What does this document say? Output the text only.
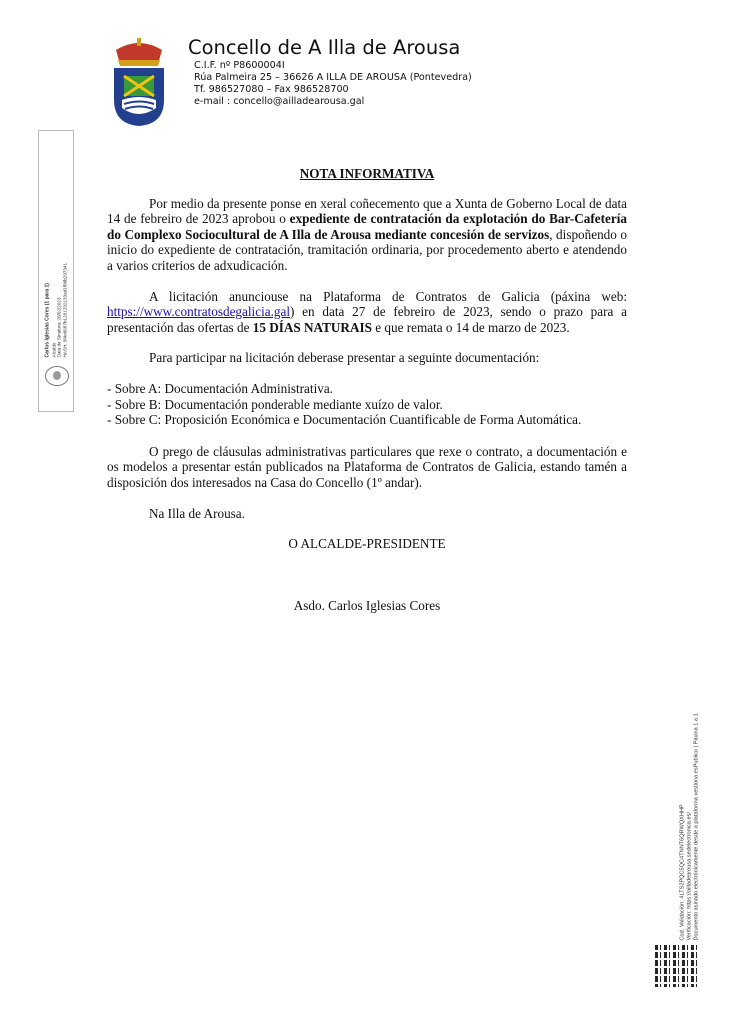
Concello de A Illa de Arousa
C.I.F. nº P8600004I
Rúa Palmeira 25 – 36626 A ILLA DE AROUSA (Pontevedra)
Tf. 986527080 – Fax 986528700
e-mail : concello@ailladearousa.gal
Carlos Iglesias Cores (1 para 1)
Alcalde
Data de Sinatura: 28/02/2023
HASH: 5f4e8587b1201292133ad1f86b297341
NOTA INFORMATIVA

Por medio da presente ponse en xeral coñecemento que a Xunta de Goberno Local de data 14 de febreiro de 2023 aprobou o expediente de contratación da explotación do Bar-Cafetería do Complexo Sociocultural de A Illa de Arousa mediante concesión de servizos, dispoñendo o inicio do expediente de contratación, tramitación ordinaria, por procedemento aberto e atendendo a varios criterios de adxudicación.

A licitación anunciouse na Plataforma de Contratos de Galicia (páxina web: https://www.contratosdegalicia.gal) en data 27 de febreiro de 2023, sendo o prazo para a presentación das ofertas de 15 DÍAS NATURAIS e que remata o 14 de marzo de 2023.

Para participar na licitación deberase presentar a seguinte documentación:

- Sobre A: Documentación Administrativa.
- Sobre B: Documentación ponderable mediante xuízo de valor.
- Sobre C: Proposición Económica e Documentación Cuantificable de Forma Automática.

O prego de cláusulas administrativas particulares que rexe o contrato, a documentación e os modelos a presentar están publicados na Plataforma de Contratos de Galicia, estando tamén a disposición dos interesados na Casa do Concello (1º andar).

Na Illa de Arousa.

O ALCALDE-PRESIDENTE
Asdo. Carlos Iglesias Cores
Cod. Validación: 4LTS2PQC5QC4TNNT6QRWQXHHP Verificación: https://ailladearousa.sedelectronica.es/ Documento asinado electrónicamente desde a plataforma xestiona esPublico | Páxina 1 a 1
